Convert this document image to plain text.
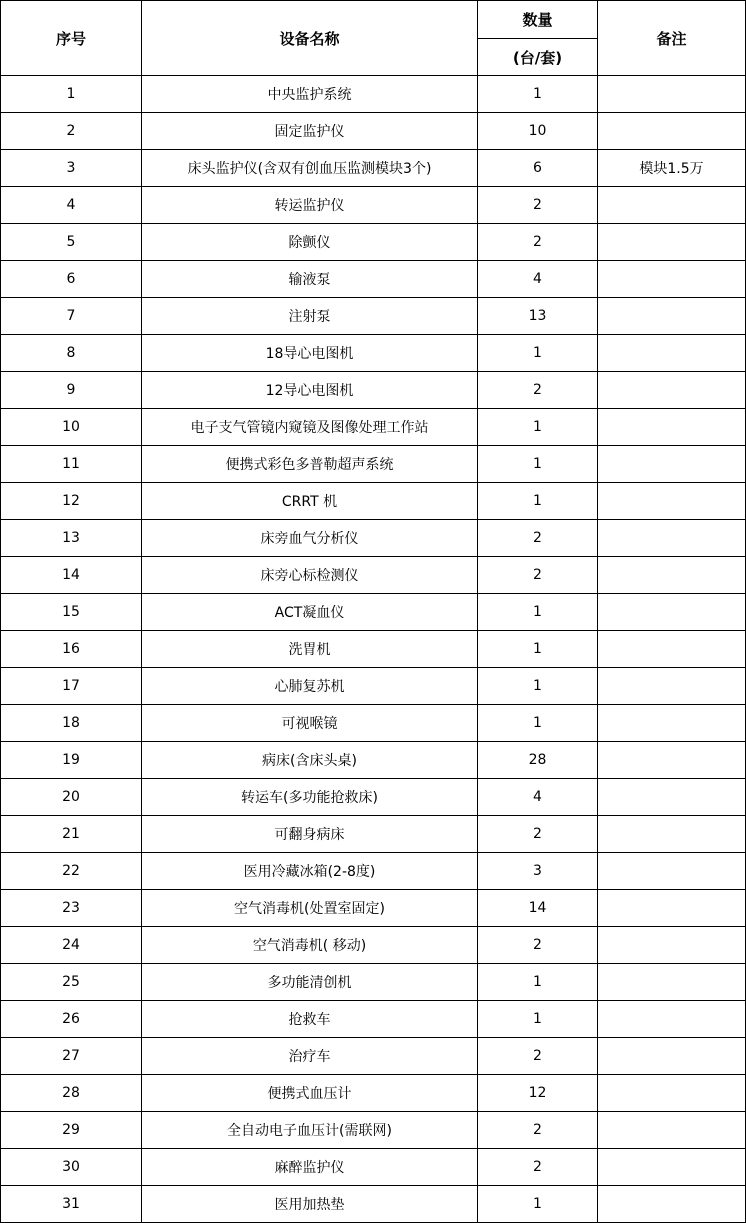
序号	设备名称	数量	备注
		(台/套)	
1	中央监护系统	1	
2	固定监护仪	10	
3	床头监护仪(含双有创血压监测模块3个)	6	模块1.5万
4	转运监护仪	2	
5	除颤仪	2	
6	输液泵	4	
7	注射泵	13	
8	18导心电图机	1	
9	12导心电图机	2	
10	电子支气管镜内窥镜及图像处理工作站	1	
11	便携式彩色多普勒超声系统	1	
12	CRRT 机	1	
13	床旁血气分析仪	2	
14	床旁心标检测仪	2	
15	ACT凝血仪	1	
16	洗胃机	1	
17	心肺复苏机	1	
18	可视喉镜	1	
19	病床(含床头桌)	28	
20	转运车(多功能抢救床)	4	
21	可翻身病床	2	
22	医用冷藏冰箱(2-8度)	3	
23	空气消毒机(处置室固定)	14	
24	空气消毒机( 移动)	2	
25	多功能清创机	1	
26	抢救车	1	
27	治疗车	2	
28	便携式血压计	12	
29	全自动电子血压计(需联网)	2	
30	麻醉监护仪	2	
31	医用加热垫	1	
